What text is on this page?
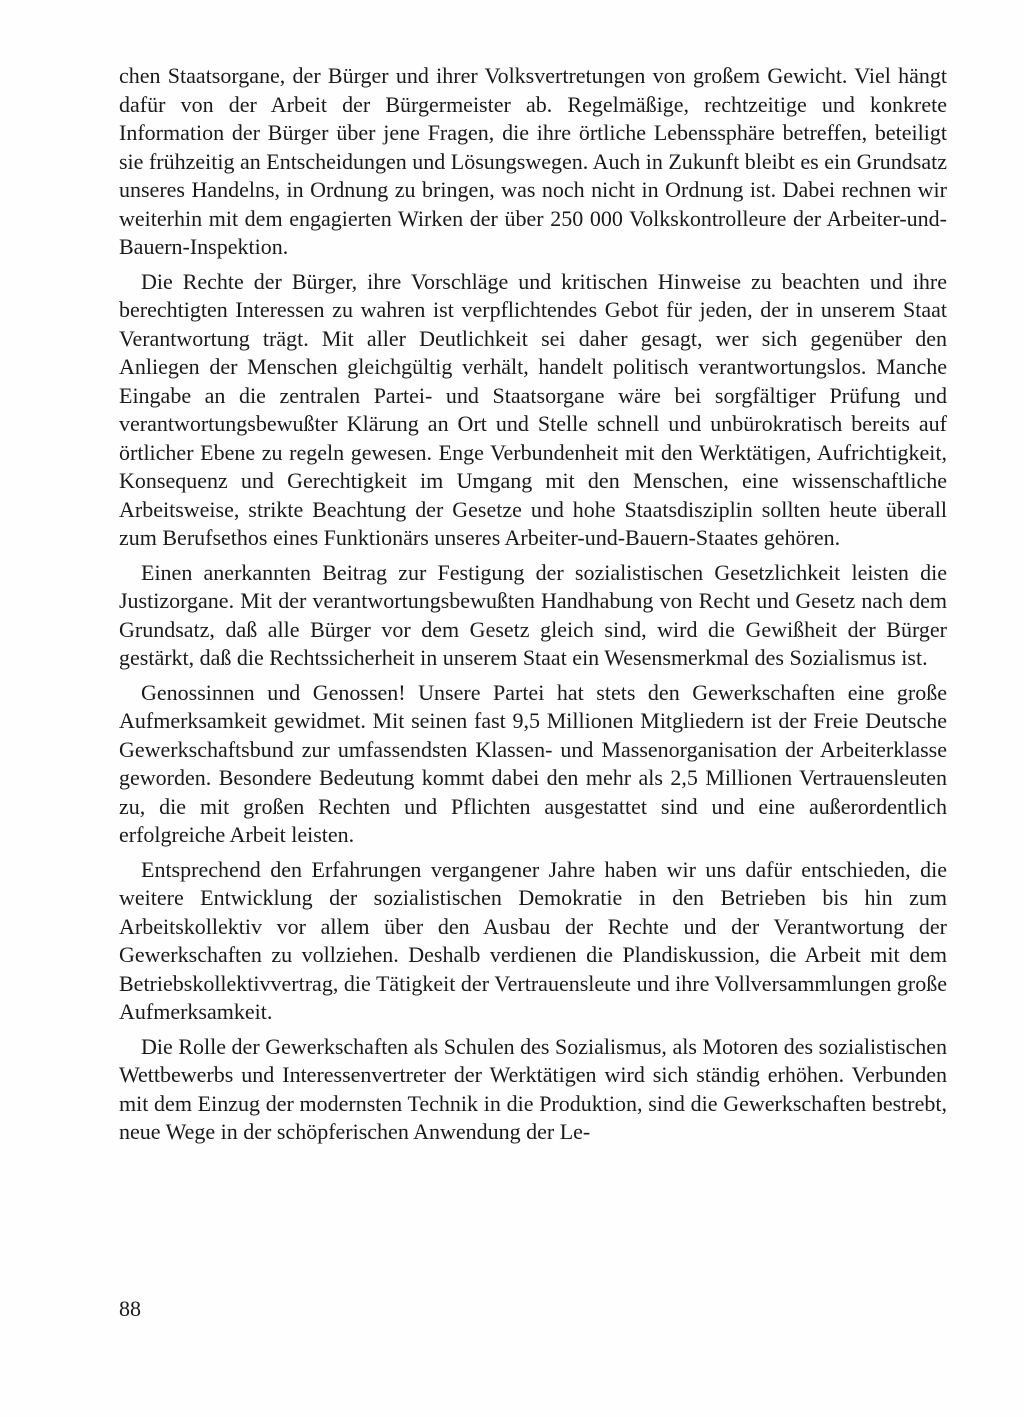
chen Staatsorgane, der Bürger und ihrer Volksvertretungen von großem Gewicht. Viel hängt dafür von der Arbeit der Bürgermeister ab. Regelmäßige, rechtzeitige und konkrete Information der Bürger über jene Fragen, die ihre örtliche Lebenssphäre betreffen, beteiligt sie frühzeitig an Entscheidungen und Lösungswegen. Auch in Zukunft bleibt es ein Grundsatz unseres Handelns, in Ordnung zu bringen, was noch nicht in Ordnung ist. Dabei rechnen wir weiterhin mit dem engagierten Wirken der über 250 000 Volkskontrolleure der Arbeiter-und-Bauern-Inspektion.

Die Rechte der Bürger, ihre Vorschläge und kritischen Hinweise zu beachten und ihre berechtigten Interessen zu wahren ist verpflichtendes Gebot für jeden, der in unserem Staat Verantwortung trägt. Mit aller Deutlichkeit sei daher gesagt, wer sich gegenüber den Anliegen der Menschen gleichgültig verhält, handelt politisch verantwortungslos. Manche Eingabe an die zentralen Partei- und Staatsorgane wäre bei sorgfältiger Prüfung und verantwortungsbewußter Klärung an Ort und Stelle schnell und unbürokratisch bereits auf örtlicher Ebene zu regeln gewesen. Enge Verbundenheit mit den Werktätigen, Aufrichtigkeit, Konsequenz und Gerechtigkeit im Umgang mit den Menschen, eine wissenschaftliche Arbeitsweise, strikte Beachtung der Gesetze und hohe Staatsdisziplin sollten heute überall zum Berufsethos eines Funktionärs unseres Arbeiter-und-Bauern-Staates gehören.

Einen anerkannten Beitrag zur Festigung der sozialistischen Gesetzlichkeit leisten die Justizorgane. Mit der verantwortungsbewußten Handhabung von Recht und Gesetz nach dem Grundsatz, daß alle Bürger vor dem Gesetz gleich sind, wird die Gewißheit der Bürger gestärkt, daß die Rechtssicherheit in unserem Staat ein Wesensmerkmal des Sozialismus ist.

Genossinnen und Genossen! Unsere Partei hat stets den Gewerkschaften eine große Aufmerksamkeit gewidmet. Mit seinen fast 9,5 Millionen Mitgliedern ist der Freie Deutsche Gewerkschaftsbund zur umfassendsten Klassen- und Massenorganisation der Arbeiterklasse geworden. Besondere Bedeutung kommt dabei den mehr als 2,5 Millionen Vertrauensleuten zu, die mit großen Rechten und Pflichten ausgestattet sind und eine außerordentlich erfolgreiche Arbeit leisten.

Entsprechend den Erfahrungen vergangener Jahre haben wir uns dafür entschieden, die weitere Entwicklung der sozialistischen Demokratie in den Betrieben bis hin zum Arbeitskollektiv vor allem über den Ausbau der Rechte und der Verantwortung der Gewerkschaften zu vollziehen. Deshalb verdienen die Plandiskussion, die Arbeit mit dem Betriebskollektivvertrag, die Tätigkeit der Vertrauensleute und ihre Vollversammlungen große Aufmerksamkeit.

Die Rolle der Gewerkschaften als Schulen des Sozialismus, als Motoren des sozialistischen Wettbewerbs und Interessenvertreter der Werktätigen wird sich ständig erhöhen. Verbunden mit dem Einzug der modernsten Technik in die Produktion, sind die Gewerkschaften bestrebt, neue Wege in der schöpferischen Anwendung der Le-

88
